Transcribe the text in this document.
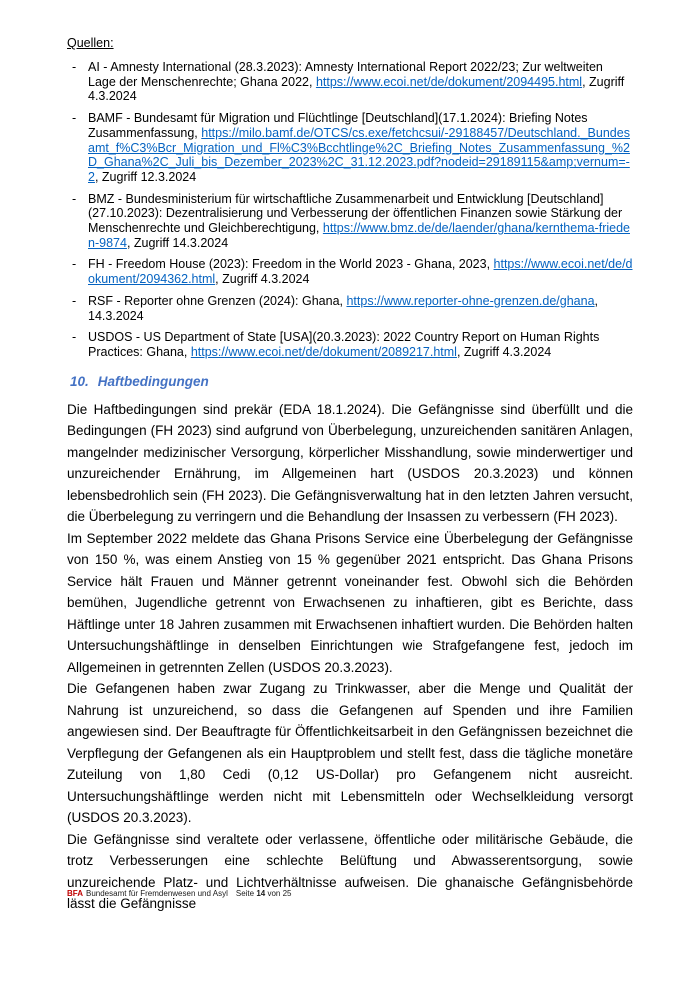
Quellen:
- AI - Amnesty International (28.3.2023): Amnesty International Report 2022/23; Zur weltweiten Lage der Menschenrechte; Ghana 2022, https://www.ecoi.net/de/dokument/2094495.html, Zugriff 4.3.2024
- BAMF - Bundesamt für Migration und Flüchtlinge [Deutschland](17.1.2024): Briefing Notes Zusammenfassung, https://milo.bamf.de/OTCS/cs.exe/fetchcsui/-29188457/Deutschland._Bundesamt_f%C3%Bcr_Migration_und_Fl%C3%Bcchtlinge%2C_Briefing_Notes_Zusammenfassung_%2D_Ghana%2C_Juli_bis_Dezember_2023%2C_31.12.2023.pdf?nodeid=29189115&amp;vernum=-2, Zugriff 12.3.2024
- BMZ - Bundesministerium für wirtschaftliche Zusammenarbeit und Entwicklung [Deutschland] (27.10.2023): Dezentralisierung und Verbesserung der öffentlichen Finanzen sowie Stärkung der Menschenrechte und Gleichberechtigung, https://www.bmz.de/de/laender/ghana/kernthema-frieden-9874, Zugriff 14.3.2024
- FH - Freedom House (2023): Freedom in the World 2023 - Ghana, 2023, https://www.ecoi.net/de/dokument/2094362.html, Zugriff 4.3.2024
- RSF - Reporter ohne Grenzen (2024): Ghana, https://www.reporter-ohne-grenzen.de/ghana, 14.3.2024
- USDOS - US Department of State [USA](20.3.2023): 2022 Country Report on Human Rights Practices: Ghana, https://www.ecoi.net/de/dokument/2089217.html, Zugriff 4.3.2024
10. Haftbedingungen

Die Haftbedingungen sind prekär (EDA 18.1.2024). Die Gefängnisse sind überfüllt und die Bedingungen (FH 2023) sind aufgrund von Überbelegung, unzureichenden sanitären Anlagen, mangelnder medizinischer Versorgung, körperlicher Misshandlung, sowie minderwertiger und unzureichender Ernährung, im Allgemeinen hart (USDOS 20.3.2023) und können lebensbedrohlich sein (FH 2023). Die Gefängnisverwaltung hat in den letzten Jahren versucht, die Überbelegung zu verringern und die Behandlung der Insassen zu verbessern (FH 2023).

Im September 2022 meldete das Ghana Prisons Service eine Überbelegung der Gefängnisse von 150 %, was einem Anstieg von 15 % gegenüber 2021 entspricht. Das Ghana Prisons Service hält Frauen und Männer getrennt voneinander fest. Obwohl sich die Behörden bemühen, Jugendliche getrennt von Erwachsenen zu inhaftieren, gibt es Berichte, dass Häftlinge unter 18 Jahren zusammen mit Erwachsenen inhaftiert wurden. Die Behörden halten Untersuchungshäftlinge in denselben Einrichtungen wie Strafgefangene fest, jedoch im Allgemeinen in getrennten Zellen (USDOS 20.3.2023).

Die Gefangenen haben zwar Zugang zu Trinkwasser, aber die Menge und Qualität der Nahrung ist unzureichend, so dass die Gefangenen auf Spenden und ihre Familien angewiesen sind. Der Beauftragte für Öffentlichkeitsarbeit in den Gefängnissen bezeichnet die Verpflegung der Gefangenen als ein Hauptproblem und stellt fest, dass die tägliche monetäre Zuteilung von 1,80 Cedi (0,12 US-Dollar) pro Gefangenem nicht ausreicht. Untersuchungshäftlinge werden nicht mit Lebensmitteln oder Wechselkleidung versorgt (USDOS 20.3.2023).

Die Gefängnisse sind veraltete oder verlassene, öffentliche oder militärische Gebäude, die trotz Verbesserungen eine schlechte Belüftung und Abwasserentsorgung, sowie unzureichende Platz- und Lichtverhältnisse aufweisen. Die ghanaische Gefängnisbehörde lässt die Gefängnisse

BFA Bundesamt für Fremdenwesen und Asyl Seite 14 von 25
